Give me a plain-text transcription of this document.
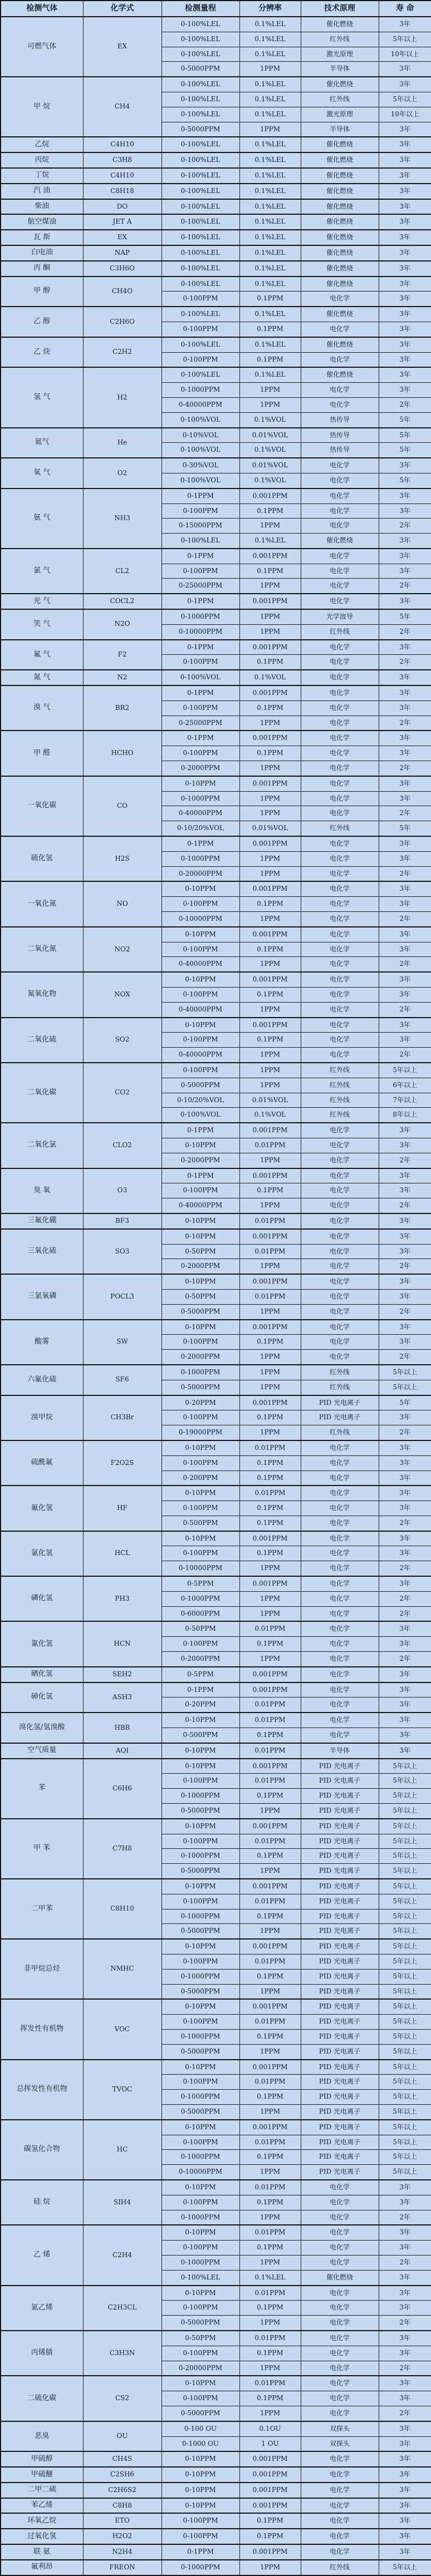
检测气体	化学式	检测量程	分辨率	技术原理	寿 命
可燃气体	EX	0-100%LEL	0.1%LEL	催化燃烧	3年
		0-100%LEL	0.1%LEL	红外线	5年以上
		0-100%LEL	0.1%LEL	激光原理	10年以上
		0-5000PPM	1PPM	半导体	3年
甲 烷	CH4	0-100%LEL	0.1%LEL	催化燃烧	3年
		0-100%LEL	0.1%LEL	红外线	5年以上
		0-100%LEL	0.1%LEL	激光原理	10年以上
		0-5000PPM	1PPM	半导体	3年
乙烷	C4H10	0-100%LEL	0.1%LEL	催化燃烧	3年
丙烷	C3H8	0-100%LEL	0.1%LEL	催化燃烧	3年
丁烷	C4H10	0-100%LEL	0.1%LEL	催化燃烧	3年
汽 油	C8H18	0-100%LEL	0.1%LEL	催化燃烧	3年
柴油	DO	0-100%LEL	0.1%LEL	催化燃烧	3年
航空煤油	JET A	0-100%LEL	0.1%LEL	催化燃烧	3年
瓦 斯	EX	0-100%LEL	0.1%LEL	催化燃烧	3年
白电油	NAP	0-100%LEL	0.1%LEL	催化燃烧	3年
丙 酮	C3H6O	0-100%LEL	0.1%LEL	催化燃烧	3年
甲 醇	CH4O	0-100%LEL	0.1%LEL	催化燃烧	3年
		0-100PPM	0.1PPM	电化学	3年
乙 醇	C2H6O	0-100%LEL	0.1%LEL	催化燃烧	3年
		0-100PPM	0.1PPM	电化学	3年
乙 炔	C2H2	0-100%LEL	0.1%LEL	催化燃烧	3年
		0-100PPM	0.1PPM	电化学	3年
氢 气	H2	0-100%LEL	0.1%LEL	催化燃烧	3年
		0-1000PPM	1PPM	电化学	3年
		0-40000PPM	1PPM	电化学	2年
		0-100%VOL	0.1%VOL	热传导	5年
氦气	He	0-10%VOL	0.01%VOL	热传导	5年
		0-100%VOL	0.1%VOL	热传导	5年
氧 气	O2	0-30%VOL	0.01%VOL	电化学	3年
		0-100%VOL	0.1%VOL	电化学	5年
氨 气	NH3	0-1PPM	0.001PPM	电化学	3年
		0-100PPM	0.1PPM	电化学	3年
		0-15000PPM	1PPM	电化学	2年
		0-100%LEL	0.1%LEL	催化燃烧	3年
氯 气	CL2	0-1PPM	0.001PPM	电化学	3年
		0-100PPM	0.1PPM	电化学	3年
		0-25000PPM	1PPM	电化学	2年
光 气	COCL2	0-1PPM	0.001PPM	电化学	3年
笑 气	N2O	0-1000PPM	1PPM	光学波导	5年
		0-10000PPM	1PPM	红外线	2年
氟 气	F2	0-1PPM	0.001PPM	电化学	3年
		0-100PPM	0.1PPM	电化学	2年
氮 气	N2	0-100%VOL	0.1%VOL	电化学	3年
溴 气	BR2	0-1PPM	0.001PPM	电化学	3年
		0-100PPM	0.1PPM	电化学	3年
		0-25000PPM	1PPM	电化学	2年
甲 醛	HCHO	0-1PPM	0.001PPM	电化学	3年
		0-100PPM	0.1PPM	电化学	3年
		0-2000PPM	1PPM	电化学	2年
一氧化碳	CO	0-10PPM	0.001PPM	电化学	3年
		0-1000PPM	1PPM	电化学	3年
		0-40000PPM	1PPM	电化学	2年
		0-10/20%VOL	0.01%VOL	红外线	5年
硫化氢	H2S	0-1PPM	0.001PPM	电化学	3年
		0-1000PPM	1PPM	电化学	3年
		0-20000PPM	1PPM	电化学	2年
一氧化氮	NO	0-10PPM	0.001PPM	电化学	3年
		0-100PPM	0.1PPM	电化学	3年
		0-10000PPM	1PPM	电化学	2年
二氧化氮	NO2	0-10PPM	0.001PPM	电化学	3年
		0-100PPM	0.1PPM	电化学	3年
		0-40000PPM	1PPM	电化学	2年
氮氧化物	NOX	0-10PPM	0.001PPM	电化学	3年
		0-100PPM	0.1PPM	电化学	3年
		0-40000PPM	1PPM	电化学	2年
二氧化硫	SO2	0-10PPM	0.001PPM	电化学	3年
		0-100PPM	0.1PPM	电化学	3年
		0-40000PPM	1PPM	电化学	2年
二氧化碳	CO2	0-100PPM	1PPM	红外线	5年以上
		0-5000PPM	1PPM	红外线	6年以上
		0-10/20%VOL	0.01%VOL	红外线	7年以上
		0-100%VOL	0.1%VOL	红外线	8年以上
二氧化氯	CLO2	0-1PPM	0.001PPM	电化学	3年
		0-10PPM	0.01PPM	电化学	3年
		0-2000PPM	1PPM	电化学	2年
臭 氧	O3	0-1PPM	0.001PPM	电化学	3年
		0-100PPM	0.1PPM	电化学	3年
		0-40000PPM	1PPM	电化学	2年
三氟化硼	BF3	0-10PPM	0.01PPM	电化学	3年
三氧化硫	SO3	0-10PPM	0.001PPM	电化学	3年
		0-50PPM	0.01PPM	电化学	3年
		0-2000PPM	1PPM	电化学	2年
三氯氧磷	POCL3	0-10PPM	0.001PPM	电化学	3年
		0-50PPM	0.01PPM	电化学	3年
		0-5000PPM	1PPM	电化学	2年
酸雾	SW	0-10PPM	0.001PPM	电化学	3年
		0-100PPM	0.1PPM	电化学	3年
		0-2000PPM	1PPM	电化学	2年
六氟化硫	SF6	0-1000PPM	1PPM	红外线	5年以上
		0-5000PPM	1PPM	红外线	5年以上
溴甲烷	CH3Br	0-20PPM	0.001PPM	PID 光电离子	5年
		0-100PPM	0.1PPM	PID 光电离子	3年
		0-19000PPM	1PPM	红外线	2年
硫酰氟	F2O2S	0-10PPM	0.01PPM	电化学	3年
		0-100PPM	0.1PPM	电化学	3年
		0-200PPM	0.1PPM	电化学	3年
氟化氢	HF	0-10PPM	0.01PPM	电化学	3年
		0-100PPM	0.1PPM	电化学	3年
		0-500PPM	0.1PPM	电化学	2年
氯化氢	HCL	0-10PPM	0.001PPM	电化学	3年
		0-100PPM	0.1PPM	电化学	3年
		0-10000PPM	1PPM	电化学	2年
磷化氢	PH3	0-5PPM	0.001PPM	电化学	3年
		0-1000PPM	1PPM	电化学	2年
		0-6000PPM	1PPM	电化学	2年
氰化氢	HCN	0-50PPM	0.01PPM	电化学	3年
		0-100PPM	0.1PPM	电化学	3年
		0-2000PPM	1PPM	电化学	2年
硒化氢	SEH2	0-5PPM	0.001PPM	电化学	3年
砷化氢	ASH3	0-1PPM	0.001PPM	电化学	3年
		0-20PPM	0.01PPM	电化学	3年
溴化氢/氢溴酸	HBR	0-10PPM	0.01PPM	电化学	3年
		0-500PPM	0.1PPM	电化学	3年
空气质量	AQI	0-10PPM	0.01PPM	半导体	3年
苯	C6H6	0-10PPM	0.001PPM	PID 光电离子	5年以上
		0-100PPM	0.01PPM	PID 光电离子	5年以上
		0-1000PPM	0.1PPM	PID 光电离子	5年以上
		0-5000PPM	1PPM	PID 光电离子	5年以上
甲 苯	C7H8	0-10PPM	0.001PPM	PID 光电离子	5年以上
		0-100PPM	0.01PPM	PID 光电离子	5年以上
		0-1000PPM	0.1PPM	PID 光电离子	5年以上
		0-5000PPM	1PPM	PID 光电离子	5年以上
二甲苯	C8H10	0-10PPM	0.001PPM	PID 光电离子	5年以上
		0-100PPM	0.01PPM	PID 光电离子	5年以上
		0-1000PPM	0.1PPM	PID 光电离子	5年以上
		0-5000PPM	1PPM	PID 光电离子	5年以上
非甲烷总烃	NMHC	0-10PPM	0.001PPM	PID 光电离子	5年以上
		0-100PPM	0.01PPM	PID 光电离子	5年以上
		0-1000PPM	0.1PPM	PID 光电离子	5年以上
		0-5000PPM	1PPM	PID 光电离子	5年以上
挥发性有机物	VOC	0-10PPM	0.001PPM	PID 光电离子	5年以上
		0-100PPM	0.01PPM	PID 光电离子	5年以上
		0-1000PPM	0.1PPM	PID 光电离子	5年以上
		0-5000PPM	1PPM	PID 光电离子	5年以上
总挥发性有机物	TVOC	0-10PPM	0.001PPM	PID 光电离子	5年以上
		0-100PPM	0.01PPM	PID 光电离子	5年以上
		0-1000PPM	0.1PPM	PID 光电离子	5年以上
		0-5000PPM	1PPM	PID 光电离子	5年以上
碳氢化合物	HC	0-10PPM	0.001PPM	PID 光电离子	5年以上
		0-100PPM	0.01PPM	PID 光电离子	5年以上
		0-1000PPM	0.1PPM	PID 光电离子	5年以上
		0-10000PPM	1PPM	PID 光电离子	5年以上
硅 烷	SIH4	0-10PPM	0.01PPM	电化学	3年
		0-100PPM	0.1PPM	电化学	3年
		0-1000PPM	1PPM	电化学	2年
乙 烯	C2H4	0-10PPM	0.01PPM	电化学	3年
		0-100PPM	0.1PPM	电化学	3年
		0-1000PPM	1PPM	电化学	2年
		0-100%LEL	0.1%LEL	催化燃烧	3年
氯乙烯	C2H3CL	0-10PPM	0.01PPM	电化学	3年
		0-100PPM	0.1PPM	电化学	3年
		0-5000PPM	1PPM	电化学	2年
丙烯腈	C3H3N	0-50PPM	0.01PPM	电化学	3年
		0-100PPM	0.1PPM	电化学	3年
		0-20000PPM	1PPM	电化学	2年
二硫化碳	CS2	0-10PPM	0.01PPM	电化学	3年
		0-100PPM	0.1PPM	电化学	3年
		0-5000PPM	1PPM	电化学	2年
恶臭	OU	0-100 OU	0.1OU	双探头	3年
		0-1000 OU	1 OU	双探头	3年
甲硫醇	CH4S	0-10PPM	0.001PPM	电化学	3年
甲硫醚	C2SH6	0-10PPM	0.001PPM	电化学	3年
二甲二硫	C2H6S2	0-10PPM	0.001PPM	电化学	3年
苯乙烯	C8H8	0-10PPM	0.001PPM	电化学	3年
环氧乙烷	ETO	0-100PPM	0.1PPM	电化学	3年
过氧化氢	H2O2	0-100PPM	0.1PPM	电化学	3年
联 氨	N2H4	0-1PPM	0.001PPM	电化学	3年
氟利昂	FREON	0-1000PPM	1PPM	红外线	5年以上
